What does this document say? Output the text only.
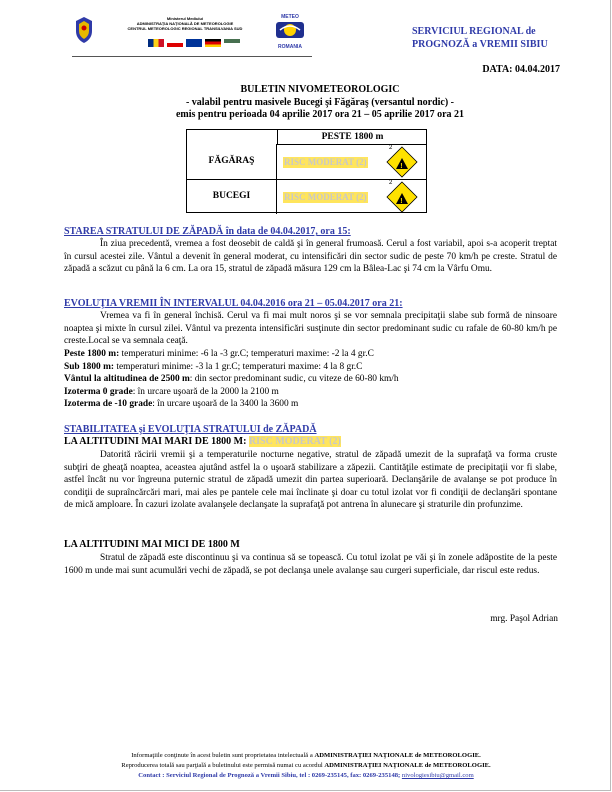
Ministerul Mediului
ADMINISTRAȚIA NAȚIONALĂ DE METEOROLOGIE
CENTRUL METEOROLOGIC REGIONAL TRANSILVANIA SUD
METEO
ROMANIA
SERVICIUL REGIONAL de
PROGNOZĂ a VREMII SIBIU
DATA: 04.04.2017
BULETIN NIVOMETEOROLOGIC
- valabil pentru masivele Bucegi şi Făgăraş (versantul nordic) -
emis pentru perioada 04 aprilie 2017 ora 21 – 05 aprilie 2017 ora 21
PESTE 1800 m
FĂGĂRAŞ	RISC MODERAT (2)	!
2
BUCEGI	RISC MODERAT (2)	!
2
STAREA STRATULUI DE ZĂPADĂ în data de 04.04.2017, ora 15:
În ziua precedentă, vremea a fost deosebit de caldă şi în general frumoasă. Cerul a fost variabil, apoi s-a acoperit treptat în cursul acestei zile. Vântul a devenit în general moderat, cu intensificări din sector sudic de peste 70 km/h pe creste. Stratul de zăpadă a scăzut cu până la 6 cm. La ora 15, stratul de zăpadă măsura 129 cm la Bâlea-Lac şi 74 cm la Vârfu Omu.
EVOLUŢIA VREMII ÎN INTERVALUL 04.04.2016 ora 21 – 05.04.2017 ora 21:
Vremea va fi în general închisă. Cerul va fi mai mult noros şi se vor semnala precipitaţii slabe sub formă de ninsoare noaptea şi mixte în cursul zilei. Vântul va prezenta intensificări susţinute din sector predominant sudic cu rafale de 60-80 km/h pe creste.Local se va semnala ceaţă.
Peste 1800 m: temperaturi minime: -6 la -3 gr.C; temperaturi maxime: -2 la 4 gr.C
Sub 1800 m: temperaturi minime: -3 la 1 gr.C; temperaturi maxime: 4 la 8 gr.C
Vântul la altitudinea de 2500 m: din sector predominant sudic, cu viteze de 60-80 km/h
Izoterma 0 grade: în urcare uşoară de la 2000 la 2100 m
Izoterma de -10 grade: în urcare uşoară de la 3400 la 3600 m
STABILITATEA şi EVOLUŢIA STRATULUI de ZĂPADĂ
LA ALTITUDINI MAI MARI DE 1800 M: RISC MODERAT (2)
Datorită răcirii vremii şi a temperaturile nocturne negative, stratul de zăpadă umezit de la suprafaţă va forma cruste subţiri de gheaţă noaptea, aceastea ajutând astfel la o uşoară stabilizare a zăpezii. Cantităţile estimate de precipitaţii vor fi slabe, astfel încât nu vor îngreuna puternic stratul de zăpadă umezit din partea superioară. Declanşările de avalanşe se pot produce în condiţii de supraîncărcări mari, mai ales pe pantele cele mai înclinate şi doar cu totul izolat vor fi condiţii de declanşări spontane de mică amploare. În cazuri izolate avalanşele declanşate la suprafaţă pot antrena în alunecare şi straturile din profunzime.
LA ALTITUDINI MAI MICI DE 1800 M
Stratul de zăpadă este discontinuu şi va continua să se topească. Cu totul izolat pe văi şi în zonele adăpostite de la peste 1600 m unde mai sunt acumulări vechi de zăpadă, se pot declanşa unele avalanşe sau curgeri superficiale, dar riscul este redus.
mrg. Paşol Adrian
Informaţiile conţinute în acest buletin sunt proprietatea intelectuală a ADMINISTRAŢIEI NAŢIONALE de METEOROLOGIE.
Reproducerea totală sau parţială a buletinului este permisă numai cu acordul ADMINISTRAŢIEI NAŢIONALE de METEOROLOGIE.
Contact : Serviciul Regional de Prognoză a Vremii Sibiu, tel : 0269-235145, fax: 0269-235148; nivologiesibiu@gmail.com
